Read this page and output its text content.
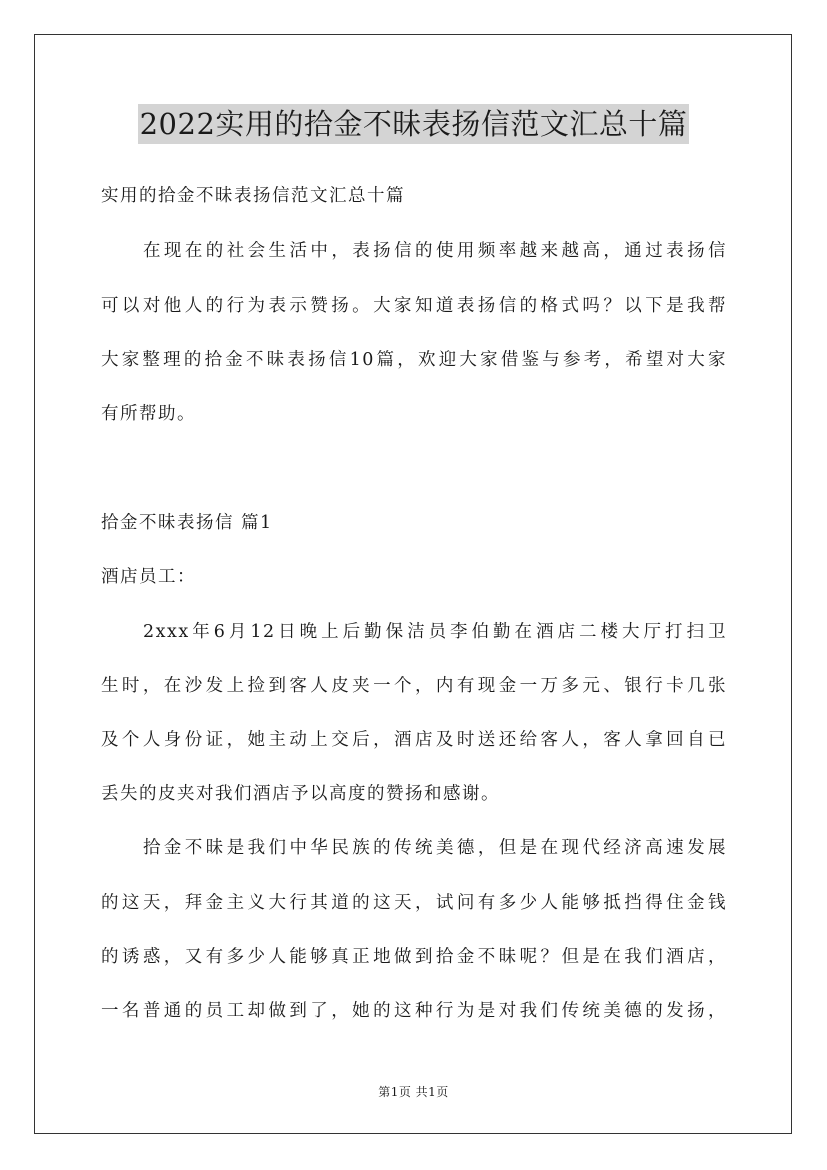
2022实用的拾金不昧表扬信范文汇总十篇

实用的拾金不昧表扬信范文汇总十篇

在现在的社会生活中，表扬信的使用频率越来越高，通过表扬信

可以对他人的行为表示赞扬。大家知道表扬信的格式吗？以下是我帮

大家整理的拾金不昧表扬信10篇，欢迎大家借鉴与参考，希望对大家

有所帮助。

拾金不昧表扬信 篇1

酒店员工：

2xxx年6月12日晚上后勤保洁员李伯勤在酒店二楼大厅打扫卫

生时，在沙发上捡到客人皮夹一个，内有现金一万多元、银行卡几张

及个人身份证，她主动上交后，酒店及时送还给客人，客人拿回自已

丢失的皮夹对我们酒店予以高度的赞扬和感谢。

拾金不昧是我们中华民族的传统美德，但是在现代经济高速发展

的这天，拜金主义大行其道的这天，试问有多少人能够抵挡得住金钱

的诱惑，又有多少人能够真正地做到拾金不昧呢？但是在我们酒店，

一名普通的员工却做到了，她的这种行为是对我们传统美德的发扬，

第1页 共1页
